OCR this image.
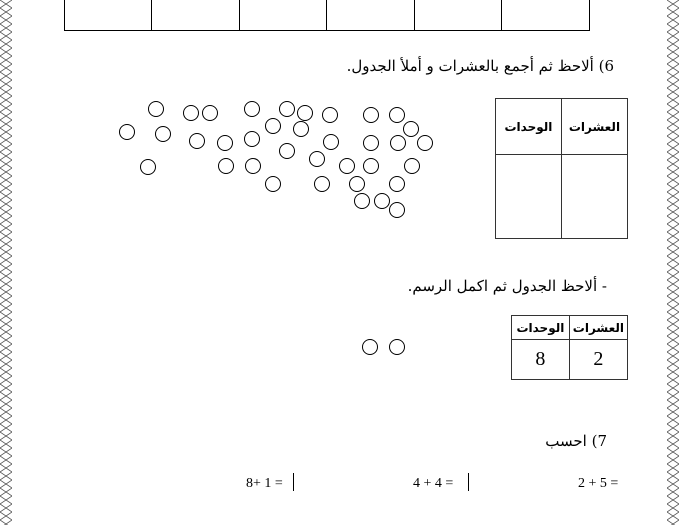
6) ألاحظ ثم أجمع بالعشرات و أملأ الجدول.
الوحدات	العشرات

- ألاحظ الجدول ثم اكمل الرسم.
الوحدات	العشرات
8	2
7) احسب
8+ 1 =	4 + 4 =	2 + 5 =
